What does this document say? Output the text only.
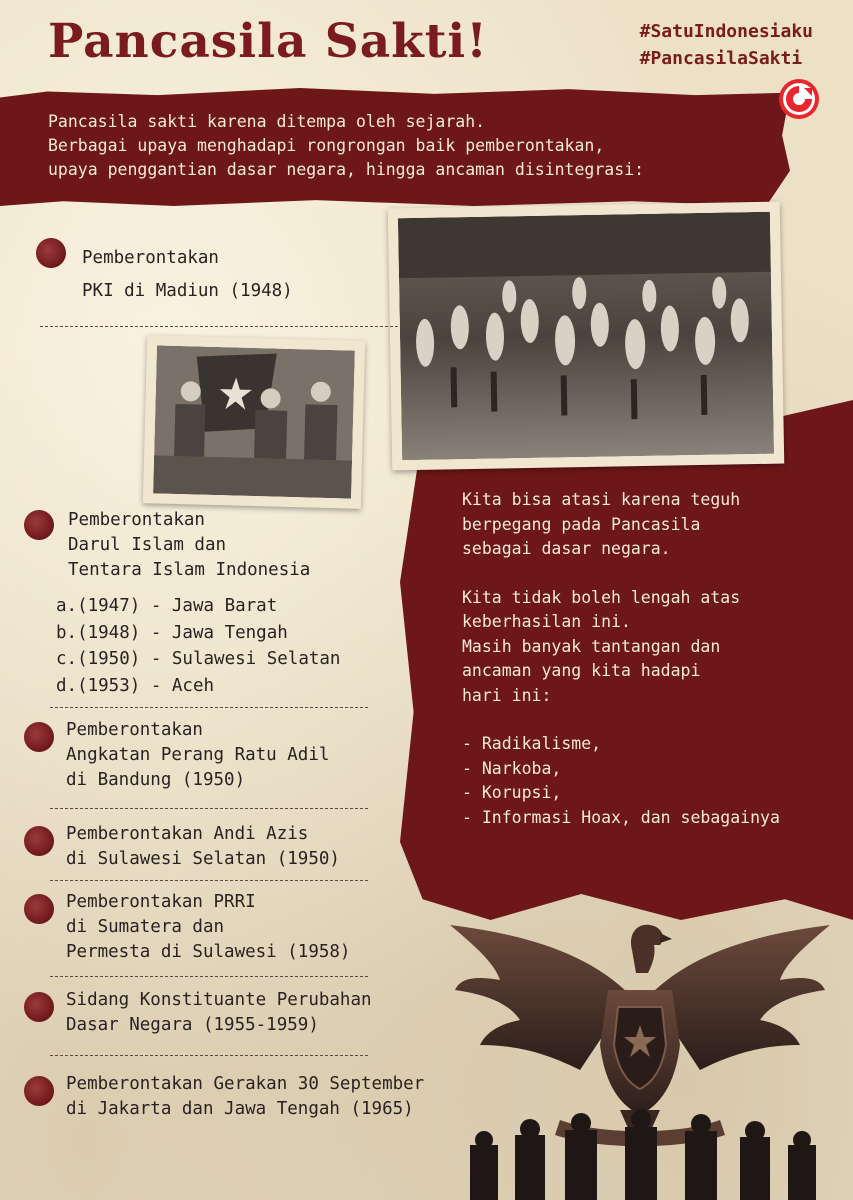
Pancasila Sakti!	#SatuIndonesiaku
#PancasilaSakti
Pancasila sakti karena ditempa oleh sejarah.
Berbagai upaya menghadapi rongrongan baik pemberontakan,
upaya penggantian dasar negara, hingga ancaman disintegrasi:
Pemberontakan
PKI di Madiun (1948)
Pemberontakan
Darul Islam dan
Tentara Islam Indonesia
a.(1947) - Jawa Barat
b.(1948) - Jawa Tengah
c.(1950) - Sulawesi Selatan
d.(1953) - Aceh
Pemberontakan
Angkatan Perang Ratu Adil
di Bandung (1950)
Pemberontakan Andi Azis
di Sulawesi Selatan (1950)
Pemberontakan PRRI
di Sumatera dan
Permesta di Sulawesi (1958)
Sidang Konstituante Perubahan
Dasar Negara (1955-1959)
Pemberontakan Gerakan 30 September
di Jakarta dan Jawa Tengah (1965)

Kita bisa atasi karena teguh

berpegang pada Pancasila

sebagai dasar negara.

Kita tidak boleh lengah atas

keberhasilan ini.

Masih banyak tantangan dan

ancaman yang kita hadapi

hari ini:

- Radikalisme,

- Narkoba,

- Korupsi,

- Informasi Hoax, dan sebagainya
